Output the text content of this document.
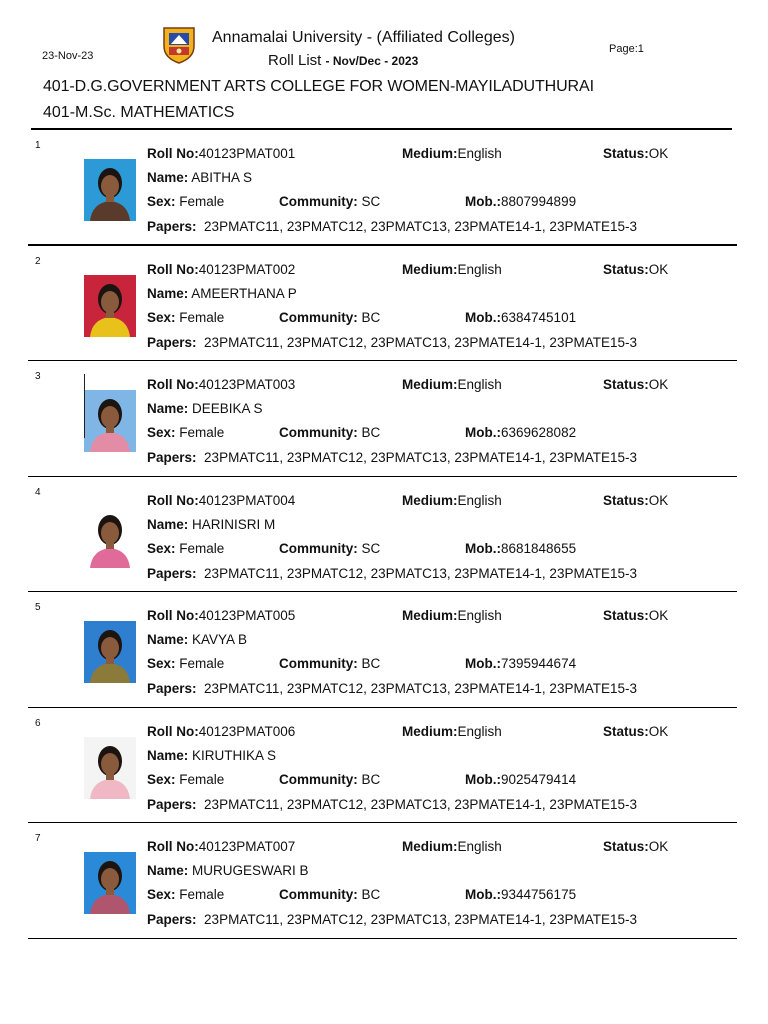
23-Nov-23
Annamalai University - (Affiliated Colleges)
Roll List - Nov/Dec - 2023
Page:1
401-D.G.GOVERNMENT ARTS COLLEGE FOR WOMEN-MAYILADUTHURAI
401-M.Sc. MATHEMATICS
1
Roll No:40123PMAT001	Medium:English	Status:OK
Name: ABITHA S
Sex: Female	Community: SC	Mob.:8807994899
Papers: 23PMATC11, 23PMATC12, 23PMATC13, 23PMATE14-1, 23PMATE15-3
2
Roll No:40123PMAT002	Medium:English	Status:OK
Name: AMEERTHANA P
Sex: Female	Community: BC	Mob.:6384745101
Papers: 23PMATC11, 23PMATC12, 23PMATC13, 23PMATE14-1, 23PMATE15-3
3
Roll No:40123PMAT003	Medium:English	Status:OK
Name: DEEBIKA S
Sex: Female	Community: BC	Mob.:6369628082
Papers: 23PMATC11, 23PMATC12, 23PMATC13, 23PMATE14-1, 23PMATE15-3
4
Roll No:40123PMAT004	Medium:English	Status:OK
Name: HARINISRI M
Sex: Female	Community: SC	Mob.:8681848655
Papers: 23PMATC11, 23PMATC12, 23PMATC13, 23PMATE14-1, 23PMATE15-3
5
Roll No:40123PMAT005	Medium:English	Status:OK
Name: KAVYA B
Sex: Female	Community: BC	Mob.:7395944674
Papers: 23PMATC11, 23PMATC12, 23PMATC13, 23PMATE14-1, 23PMATE15-3
6
Roll No:40123PMAT006	Medium:English	Status:OK
Name: KIRUTHIKA S
Sex: Female	Community: BC	Mob.:9025479414
Papers: 23PMATC11, 23PMATC12, 23PMATC13, 23PMATE14-1, 23PMATE15-3
7
Roll No:40123PMAT007	Medium:English	Status:OK
Name: MURUGESWARI B
Sex: Female	Community: BC	Mob.:9344756175
Papers: 23PMATC11, 23PMATC12, 23PMATC13, 23PMATE14-1, 23PMATE15-3
